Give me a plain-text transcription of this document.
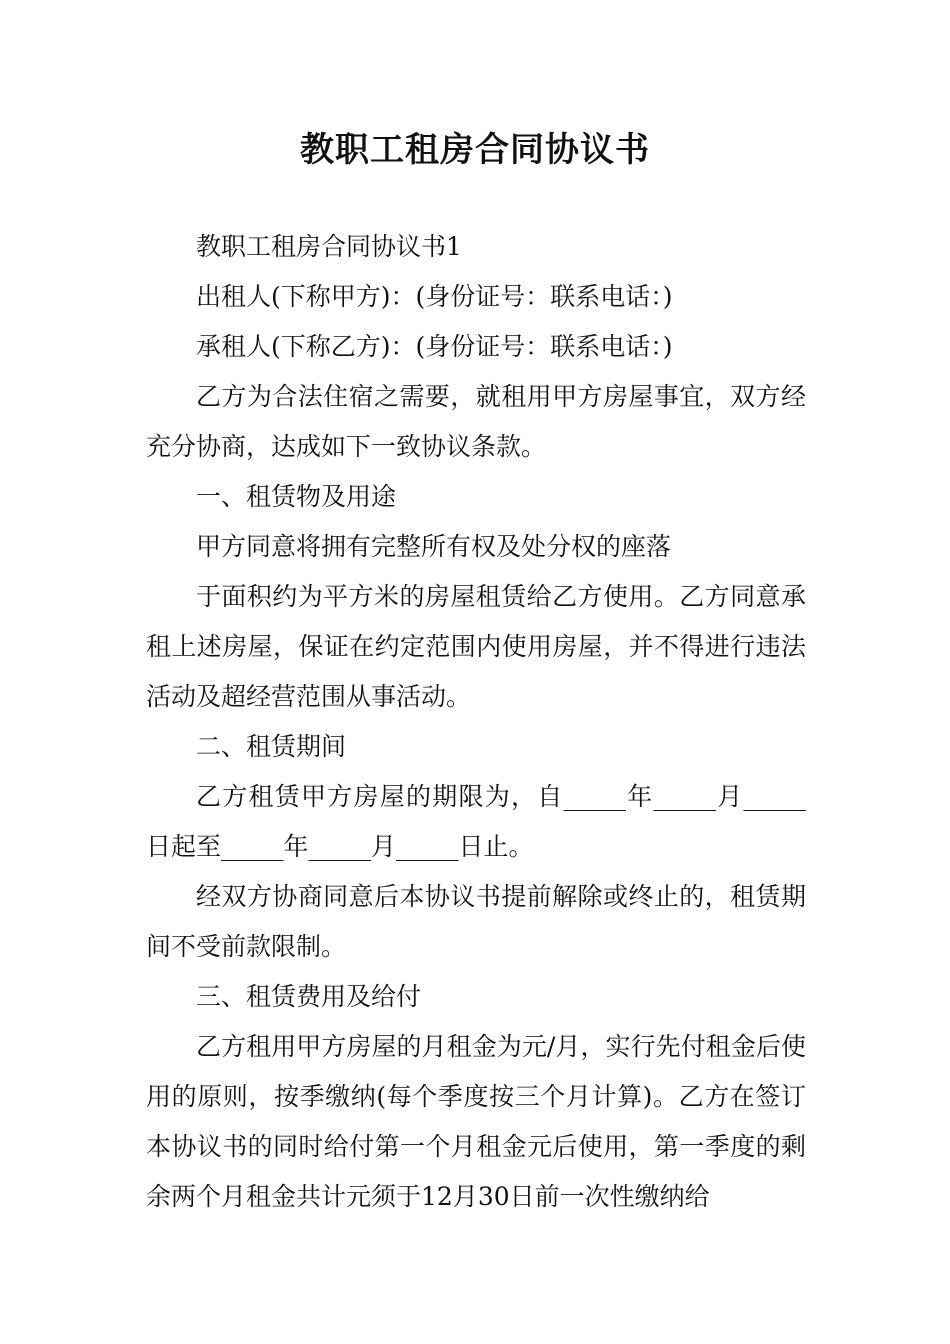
教职工租房合同协议书

教职工租房合同协议书1

出租人(下称甲方)：(身份证号：联系电话：)

承租人(下称乙方)：(身份证号：联系电话：)

乙方为合法住宿之需要，就租用甲方房屋事宜，双方经充分协商，达成如下一致协议条款。

一、租赁物及用途

甲方同意将拥有完整所有权及处分权的座落

于面积约为平方米的房屋租赁给乙方使用。乙方同意承租上述房屋，保证在约定范围内使用房屋，并不得进行违法活动及超经营范围从事活动。

二、租赁期间

乙方租赁甲方房屋的期限为，自_____年_____月_____日起至_____年_____月_____日止。

经双方协商同意后本协议书提前解除或终止的，租赁期间不受前款限制。

三、租赁费用及给付

乙方租用甲方房屋的月租金为元/月，实行先付租金后使用的原则，按季缴纳(每个季度按三个月计算)。乙方在签订本协议书的同时给付第一个月租金元后使用，第一季度的剩余两个月租金共计元须于12月30日前一次性缴纳给
